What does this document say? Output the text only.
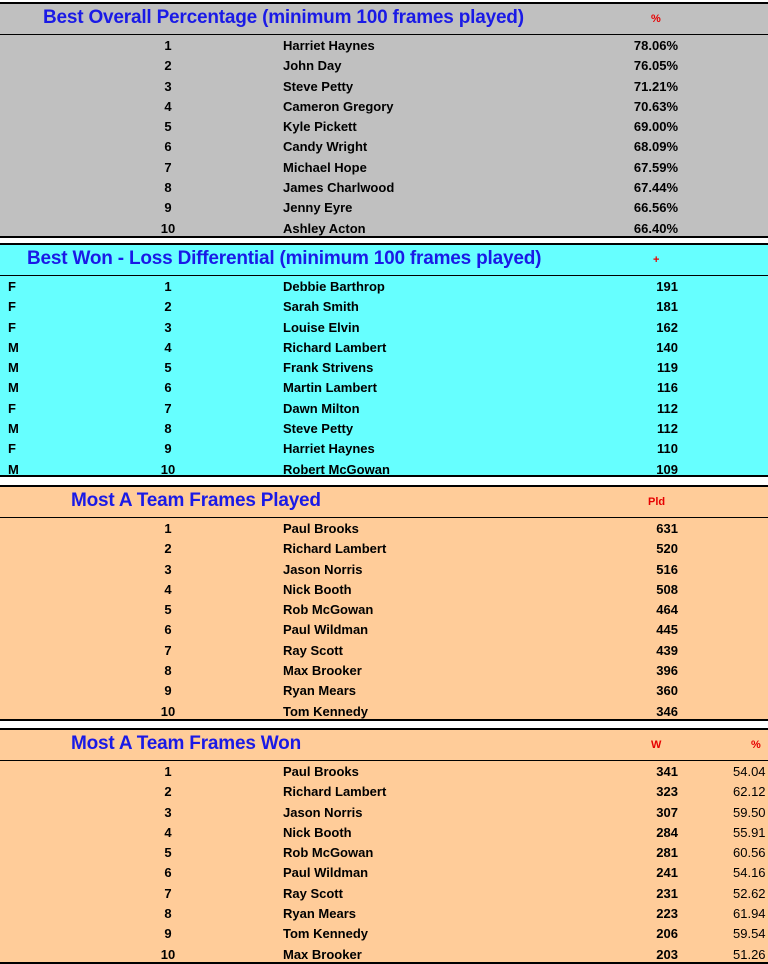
Best Overall Percentage (minimum 100 frames played)	%
1	Harriet Haynes	78.06%
2	John Day	76.05%
3	Steve Petty	71.21%
4	Cameron Gregory	70.63%
5	Kyle Pickett	69.00%
6	Candy Wright	68.09%
7	Michael Hope	67.59%
8	James Charlwood	67.44%
9	Jenny Eyre	66.56%
10	Ashley Acton	66.40%
Best Won - Loss Differential (minimum 100 frames played)	+
F	1	Debbie Barthrop	191
F	2	Sarah Smith	181
F	3	Louise Elvin	162
M	4	Richard Lambert	140
M	5	Frank Strivens	119
M	6	Martin Lambert	116
F	7	Dawn Milton	112
M	8	Steve Petty	112
F	9	Harriet Haynes	110
M	10	Robert McGowan	109
Most A Team Frames Played	Pld
1	Paul Brooks	631
2	Richard Lambert	520
3	Jason Norris	516
4	Nick Booth	508
5	Rob McGowan	464
6	Paul Wildman	445
7	Ray Scott	439
8	Max Brooker	396
9	Ryan Mears	360
10	Tom Kennedy	346
Most A Team Frames Won	W	%
1	Paul Brooks	341	54.04
2	Richard Lambert	323	62.12
3	Jason Norris	307	59.50
4	Nick Booth	284	55.91
5	Rob McGowan	281	60.56
6	Paul Wildman	241	54.16
7	Ray Scott	231	52.62
8	Ryan Mears	223	61.94
9	Tom Kennedy	206	59.54
10	Max Brooker	203	51.26
